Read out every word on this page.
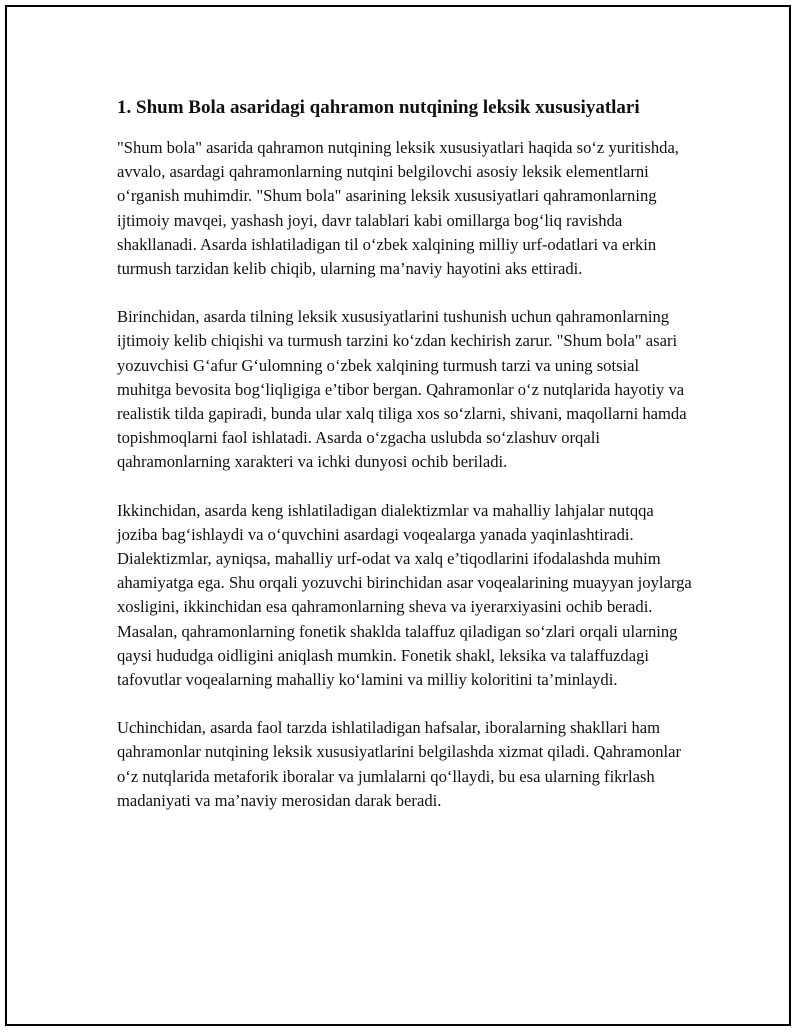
1. Shum Bola asaridagi qahramon nutqining leksik xususiyatlari

"Shum bola" asarida qahramon nutqining leksik xususiyatlari haqida so‘z yuritishda, avvalo, asardagi qahramonlarning nutqini belgilovchi asosiy leksik elementlarni o‘rganish muhimdir. "Shum bola" asarining leksik xususiyatlari qahramonlarning ijtimoiy mavqei, yashash joyi, davr talablari kabi omillarga bog‘liq ravishda shakllanadi. Asarda ishlatiladigan til o‘zbek xalqining milliy urf-odatlari va erkin turmush tarzidan kelib chiqib, ularning ma’naviy hayotini aks ettiradi.

Birinchidan, asarda tilning leksik xususiyatlarini tushunish uchun qahramonlarning ijtimoiy kelib chiqishi va turmush tarzini ko‘zdan kechirish zarur. "Shum bola" asari yozuvchisi G‘afur G‘ulomning o‘zbek xalqining turmush tarzi va uning sotsial muhitga bevosita bog‘liqligiga e’tibor bergan. Qahramonlar o‘z nutqlarida hayotiy va realistik tilda gapiradi, bunda ular xalq tiliga xos so‘zlarni, shivani, maqollarni hamda topishmoqlarni faol ishlatadi. Asarda o‘zgacha uslubda so‘zlashuv orqali qahramonlarning xarakteri va ichki dunyosi ochib beriladi.

Ikkinchidan, asarda keng ishlatiladigan dialektizmlar va mahalliy lahjalar nutqqa joziba bag‘ishlaydi va o‘quvchini asardagi voqealarga yanada yaqinlashtiradi. Dialektizmlar, ayniqsa, mahalliy urf-odat va xalq e’tiqodlarini ifodalashda muhim ahamiyatga ega. Shu orqali yozuvchi birinchidan asar voqealarining muayyan joylarga xosligini, ikkinchidan esa qahramonlarning sheva va iyerarxiyasini ochib beradi. Masalan, qahramonlarning fonetik shaklda talaffuz qiladigan so‘zlari orqali ularning qaysi hududga oidligini aniqlash mumkin. Fonetik shakl, leksika va talaffuzdagi tafovutlar voqealarning mahalliy ko‘lamini va milliy koloritini ta’minlaydi.

Uchinchidan, asarda faol tarzda ishlatiladigan hafsalar, iboralarning shakllari ham qahramonlar nutqining leksik xususiyatlarini belgilashda xizmat qiladi. Qahramonlar o‘z nutqlarida metaforik iboralar va jumlalarni qo‘llaydi, bu esa ularning fikrlash madaniyati va ma’naviy merosidan darak beradi.
